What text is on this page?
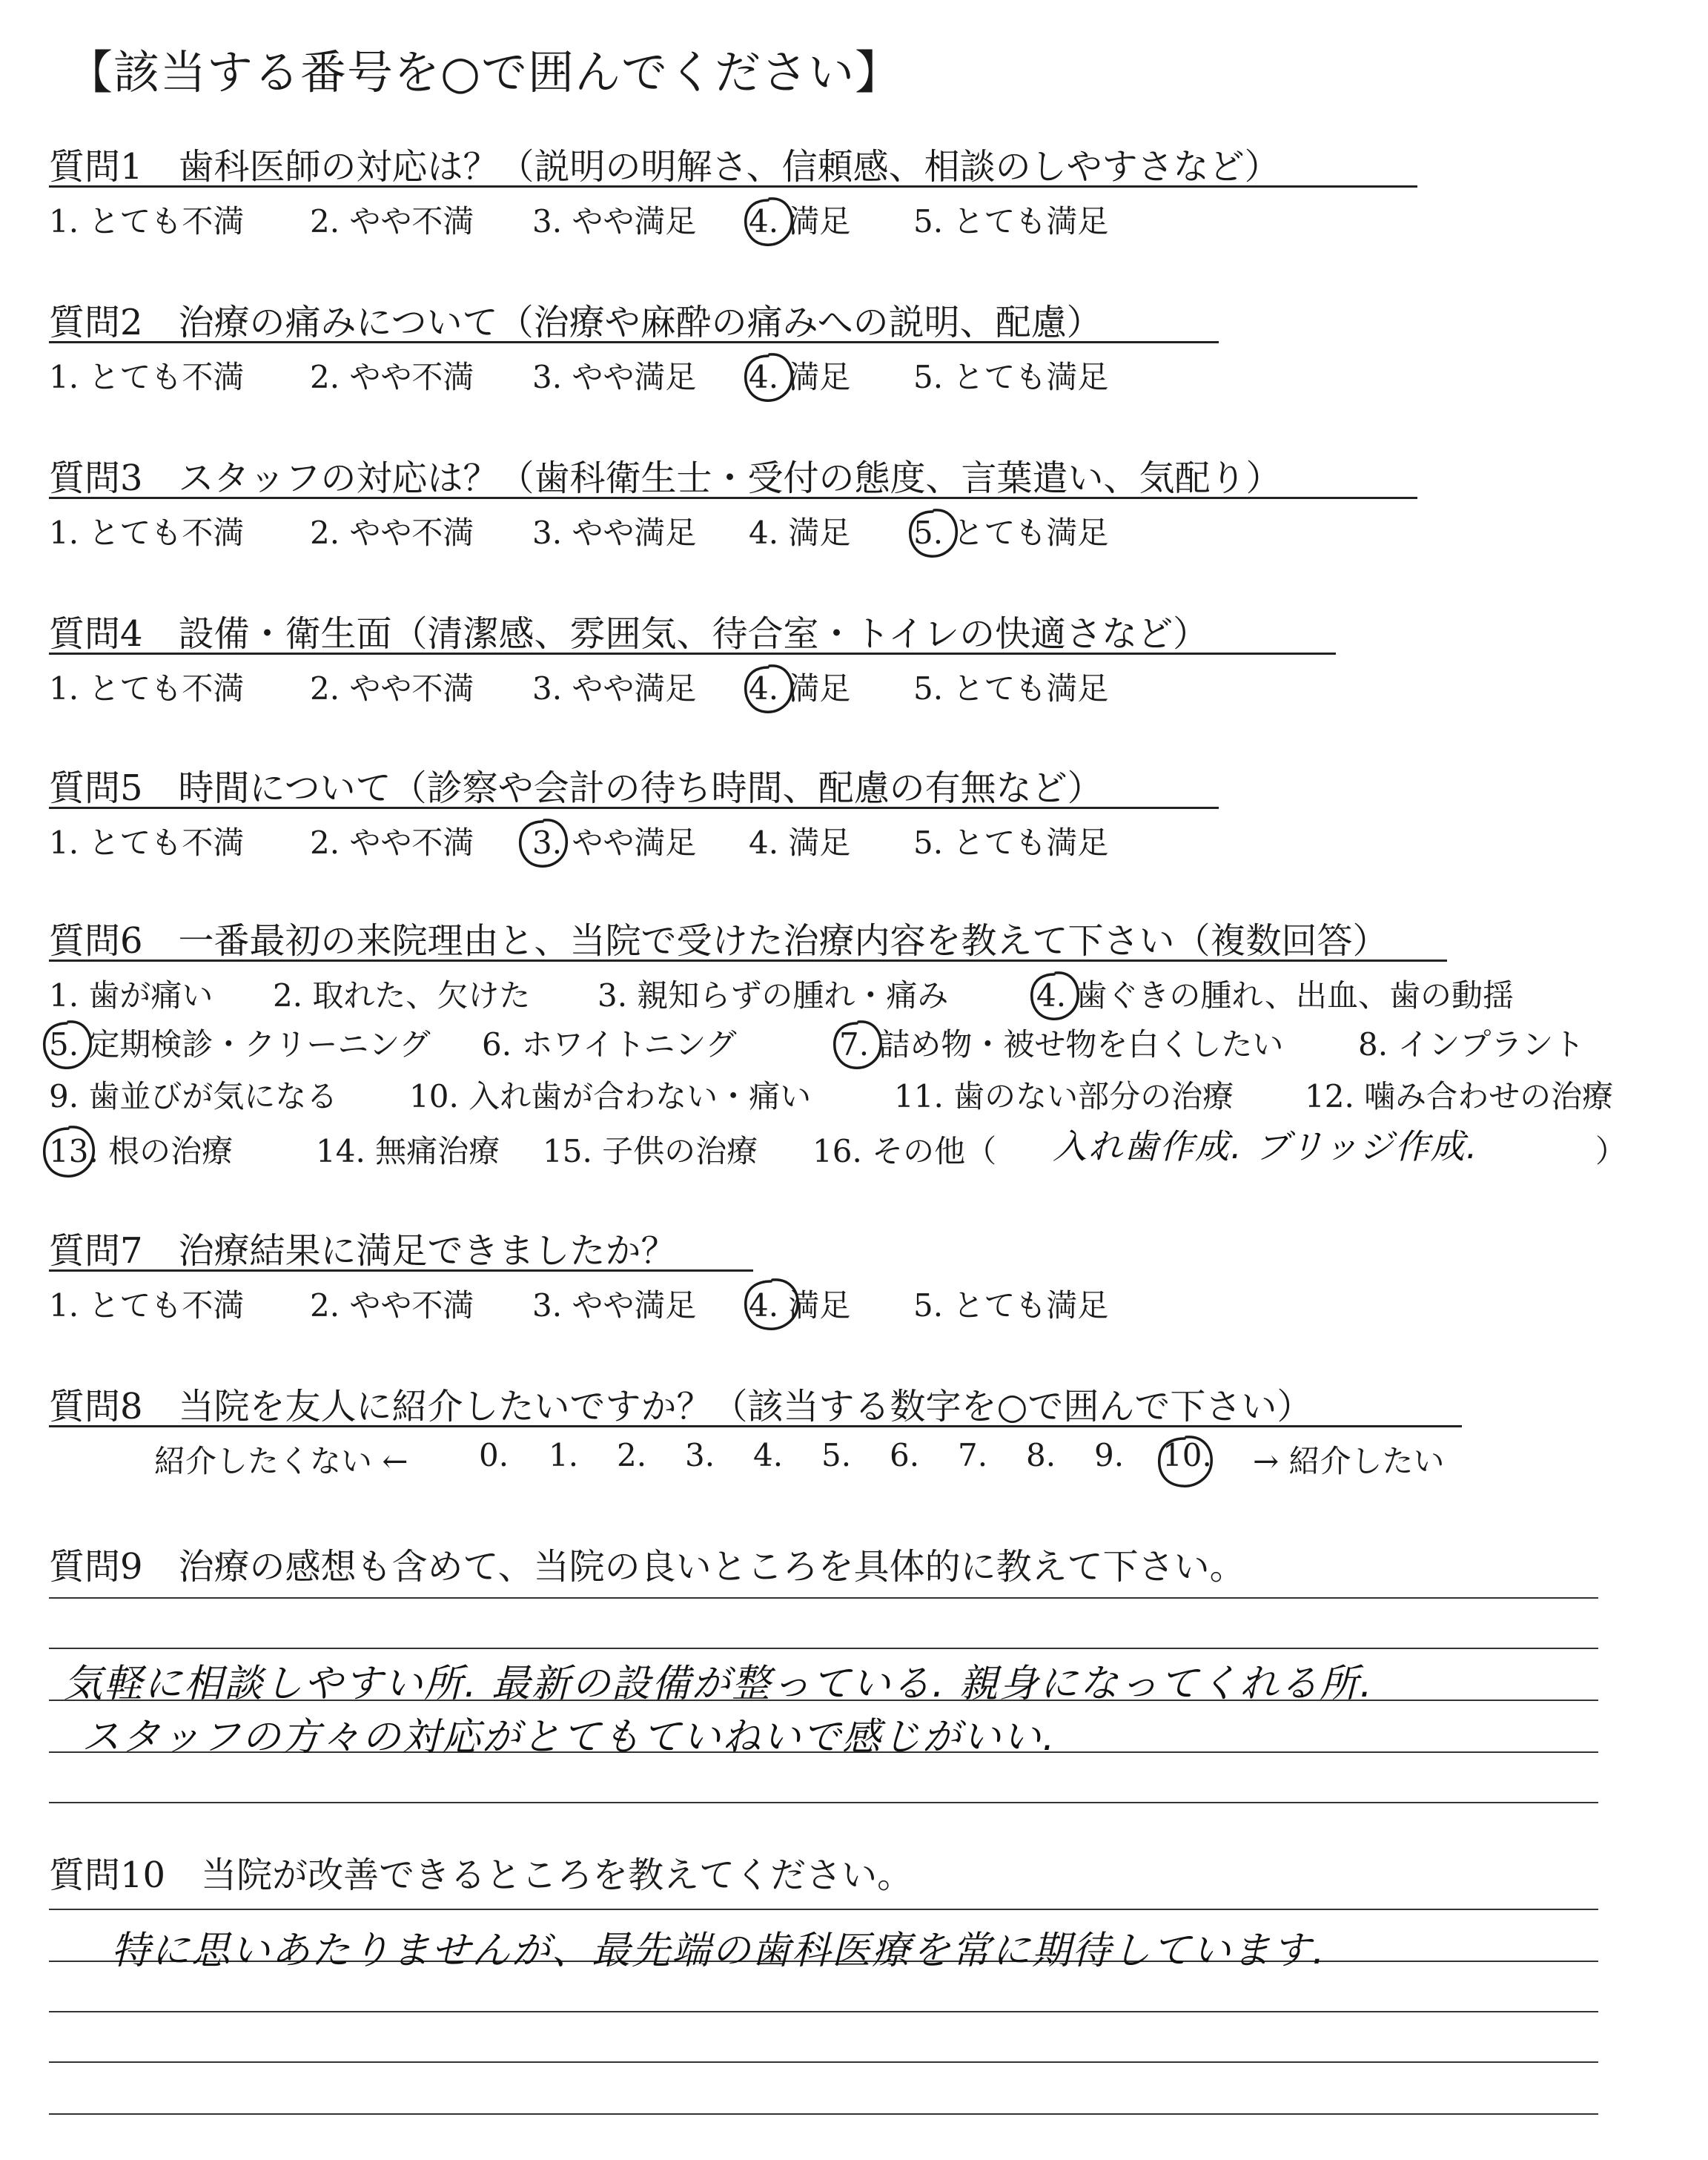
【該当する番号を○で囲んでください】
質問1　歯科医師の対応は？（説明の明解さ、信頼感、相談のしやすさなど）
1. とても不満 2. やや不満 3. やや満足 4. 満足 5. とても満足
質問2　治療の痛みについて（治療や麻酔の痛みへの説明、配慮）
1. とても不満 2. やや不満 3. やや満足 4. 満足 5. とても満足
質問3　スタッフの対応は？（歯科衛生士・受付の態度、言葉遣い、気配り）
1. とても不満 2. やや不満 3. やや満足 4. 満足 5. とても満足
質問4　設備・衛生面（清潔感、雰囲気、待合室・トイレの快適さなど）
1. とても不満 2. やや不満 3. やや満足 4. 満足 5. とても満足
質問5　時間について（診察や会計の待ち時間、配慮の有無など）
1. とても不満 2. やや不満 3. やや満足 4. 満足 5. とても満足
質問6　一番最初の来院理由と、当院で受けた治療内容を教えて下さい（複数回答）
1. 歯が痛い 2. 取れた、欠けた 3. 親知らずの腫れ・痛み	4. 歯ぐきの腫れ、出血、歯の動揺
5. 定期検診・クリーニング 6. ホワイトニング	7. 詰め物・被せ物を白くしたい 8. インプラント
9. 歯並びが気になる 10. 入れ歯が合わない・痛い	11. 歯のない部分の治療 12. 噛み合わせの治療
13. 根の治療	14. 無痛治療 15. 子供の治療 16. その他（ 入れ歯作成. ブリッジ作成.	）
質問7　治療結果に満足できましたか？
1. とても不満 2. やや不満 3. やや満足 4. 満足 5. とても満足
質問8　当院を友人に紹介したいですか？（該当する数字を○で囲んで下さい）
紹介したくない ← 0. 1. 2. 3. 4. 5. 6. 7. 8. 9. 10. → 紹介したい
質問9　治療の感想も含めて、当院の良いところを具体的に教えて下さい。
気軽に相談しやすい所. 最新の設備が整っている. 親身になってくれる所.
スタッフの方々の対応がとてもていねいで感じがいい.
質問10　当院が改善できるところを教えてください。
特に思いあたりませんが、最先端の歯科医療を常に期待しています.
